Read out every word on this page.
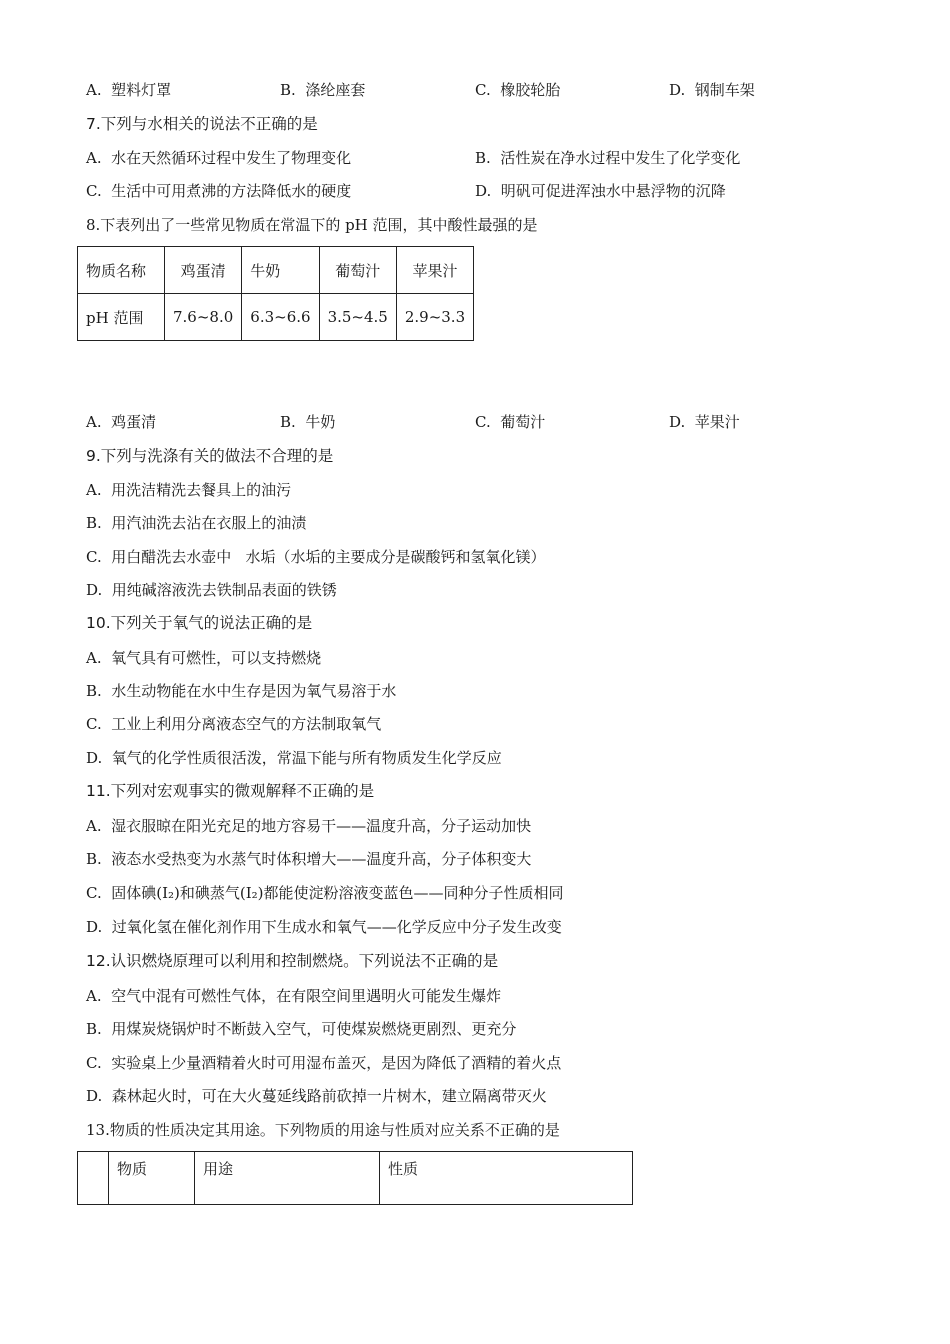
A.  塑料灯罩	B.  涤纶座套	C.  橡胶轮胎	D.  钢制车架
7.下列与水相关的说法不正确的是
A.  水在天然循环过程中发生了物理变化	B.  活性炭在净水过程中发生了化学变化
C.  生活中可用煮沸的方法降低水的硬度	D.  明矾可促进浑浊水中悬浮物的沉降
8.下表列出了一些常见物质在常温下的 pH 范围，其中酸性最强的是
物质名称	鸡蛋清	牛奶	葡萄汁	苹果汁
pH 范围	7.6~8.0	6.3~6.6	3.5~4.5	2.9~3.3
A.  鸡蛋清	B.  牛奶	C.  葡萄汁	D.  苹果汁
9.下列与洗涤有关的做法不合理的是
A.  用洗洁精洗去餐具上的油污
B.  用汽油洗去沾在衣服上的油渍
C.  用白醋洗去水壶中   水垢（水垢的主要成分是碳酸钙和氢氧化镁）
D.  用纯碱溶液洗去铁制品表面的铁锈
10.下列关于氧气的说法正确的是
A.  氧气具有可燃性，可以支持燃烧
B.  水生动物能在水中生存是因为氧气易溶于水
C.  工业上利用分离液态空气的方法制取氧气
D.  氧气的化学性质很活泼，常温下能与所有物质发生化学反应
11.下列对宏观事实的微观解释不正确的是
A.  湿衣服晾在阳光充足的地方容易干——温度升高，分子运动加快
B.  液态水受热变为水蒸气时体积增大——温度升高，分子体积变大
C.  固体碘(I₂)和碘蒸气(I₂)都能使淀粉溶液变蓝色——同种分子性质相同
D.  过氧化氢在催化剂作用下生成水和氧气——化学反应中分子发生改变
12.认识燃烧原理可以利用和控制燃烧。下列说法不正确的是
A.  空气中混有可燃性气体，在有限空间里遇明火可能发生爆炸
B.  用煤炭烧锅炉时不断鼓入空气，可使煤炭燃烧更剧烈、更充分
C.  实验桌上少量酒精着火时可用湿布盖灭，是因为降低了酒精的着火点
D.  森林起火时，可在大火蔓延线路前砍掉一片树木，建立隔离带灭火
13.物质的性质决定其用途。下列物质的用途与性质对应关系不正确的是
	物质	用途	性质
